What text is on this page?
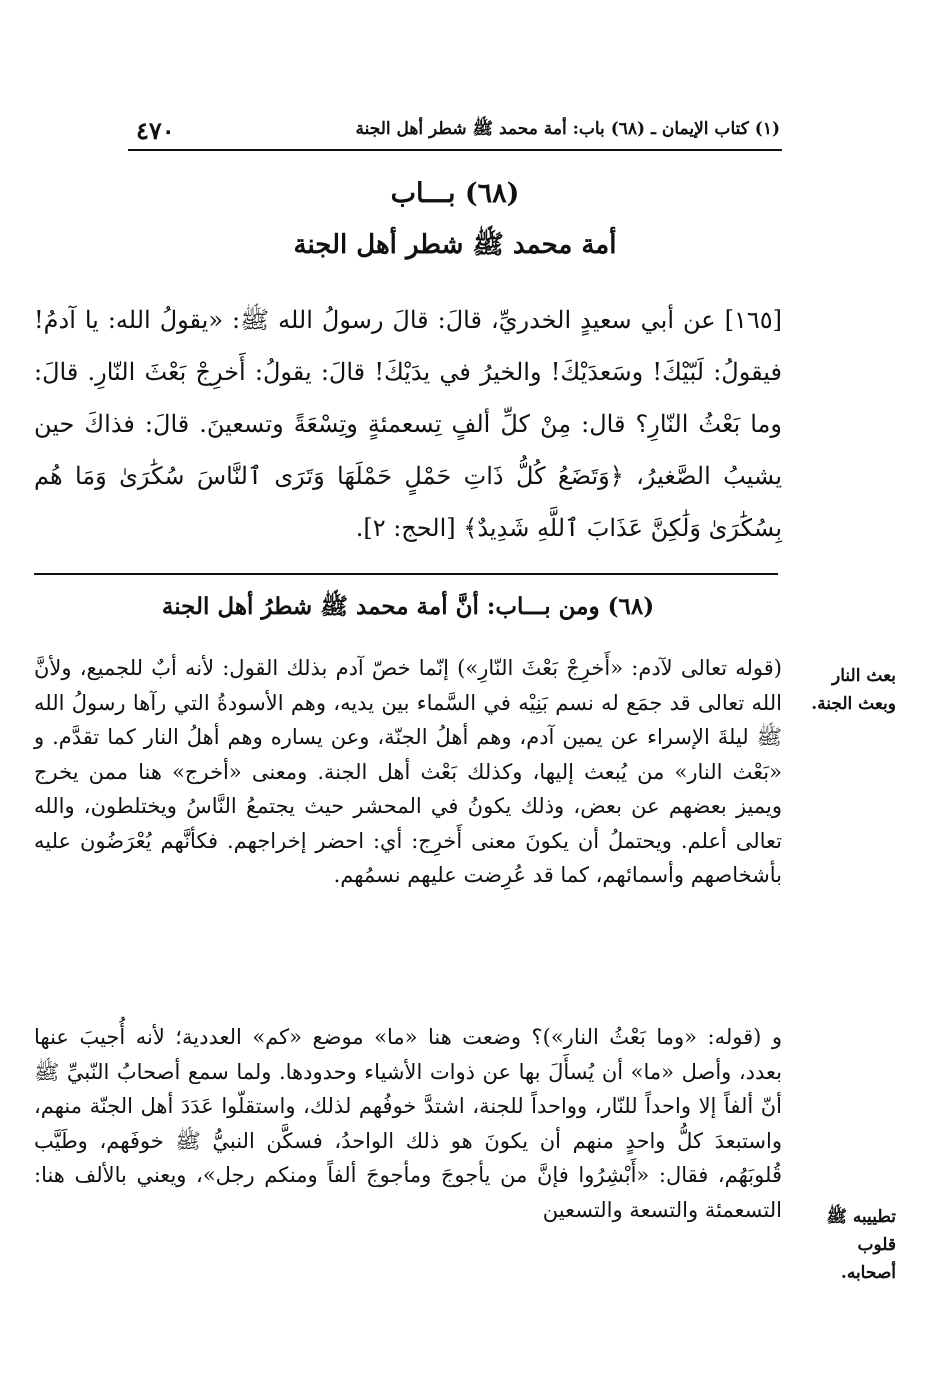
٤٧٠	(١) كتاب الإيمان ـ (٦٨) باب: أمة محمد ﷺ شطر أهل الجنة
(٦٨) بـــاب
أمة محمد ﷺ شطر أهل الجنة
[١٦٥] عن أبي سعيدٍ الخدريِّ، قالَ: قالَ رسولُ الله ﷺ: «يقولُ الله: يا آدمُ! فيقولُ: لَبّيْكَ! وسَعدَيْكَ! والخيرُ في يدَيْكَ! قالَ: يقولُ: أَخرِجْ بَعْثَ النّارِ. قالَ: وما بَعْثُ النّارِ؟ قال: مِنْ كلِّ ألفٍ تِسعمئةٍ وتِسْعَةً وتسعينَ. قالَ: فذاكَ حين يشيبُ الصَّغيرُ، ﴿وَتَضَعُ كُلُّ ذَاتِ حَمْلٍ حَمْلَهَا وَتَرَى ٱلنَّاسَ سُكَٰرَىٰ وَمَا هُم بِسُكَٰرَىٰ وَلَٰكِنَّ عَذَابَ ٱللَّهِ شَدِيدٌ﴾ [الحج: ٢].
(٦٨) ومن بـــاب: أنَّ أمة محمد ﷺ شطرُ أهل الجنة
(قوله تعالى لآدم: «أَخرِجْ بَعْثَ النّارِ») إنّما خصّ آدم بذلك القول: لأنه أبٌ للجميع، ولأنَّ الله تعالى قد جمَع له نسم بَنِيْه في السَّماء بين يديه، وهم الأسودةُ التي رآها رسولُ الله ﷺ ليلةَ الإسراء عن يمين آدم، وهم أهلُ الجنّة، وعن يساره وهم أهلُ النار كما تقدَّم. و «بَعْث النار» من يُبعث إليها، وكذلك بَعْث أهل الجنة. ومعنى «أخرج» هنا ممن يخرج ويميز بعضهم عن بعض، وذلك يكونُ في المحشر حيث يجتمعُ النَّاسُ ويختلطون، والله تعالى أعلم. ويحتملُ أن يكونَ معنى أَخرِج: أي: احضر إخراجهم. فكأنَّهم يُعْرَضُون عليه بأشخاصهم وأسمائهم، كما قد عُرِضت عليهم نسمُهم.
و (قوله: «وما بَعْثُ النار»)؟ وضعت هنا «ما» موضع «كم» العددية؛ لأنه أُجيبَ عنها بعدد، وأصل «ما» أن يُسأَلَ بها عن ذوات الأشياء وحدودها. ولما سمع أصحابُ النّبيِّ ﷺ أنّ ألفاً إلا واحداً للنّار، وواحداً للجنة، اشتدَّ خوفُهم لذلك، واستقلّوا عَدَدَ أهل الجنّة منهم، واستبعدَ كلُّ واحدٍ منهم أن يكونَ هو ذلك الواحدُ، فسكَّن النبيُّ ﷺ خوفَهم، وطَيَّب قُلوبَهُم، فقال: «أَبْشِرُوا فإنَّ من يأجوجَ ومأجوجَ ألفاً ومنكم رجل»، ويعني بالألف هنا: التسعمئة والتسعة والتسعين
بعث النار وبعث الجنة.
تطييبه ﷺ قلوب أصحابه.
